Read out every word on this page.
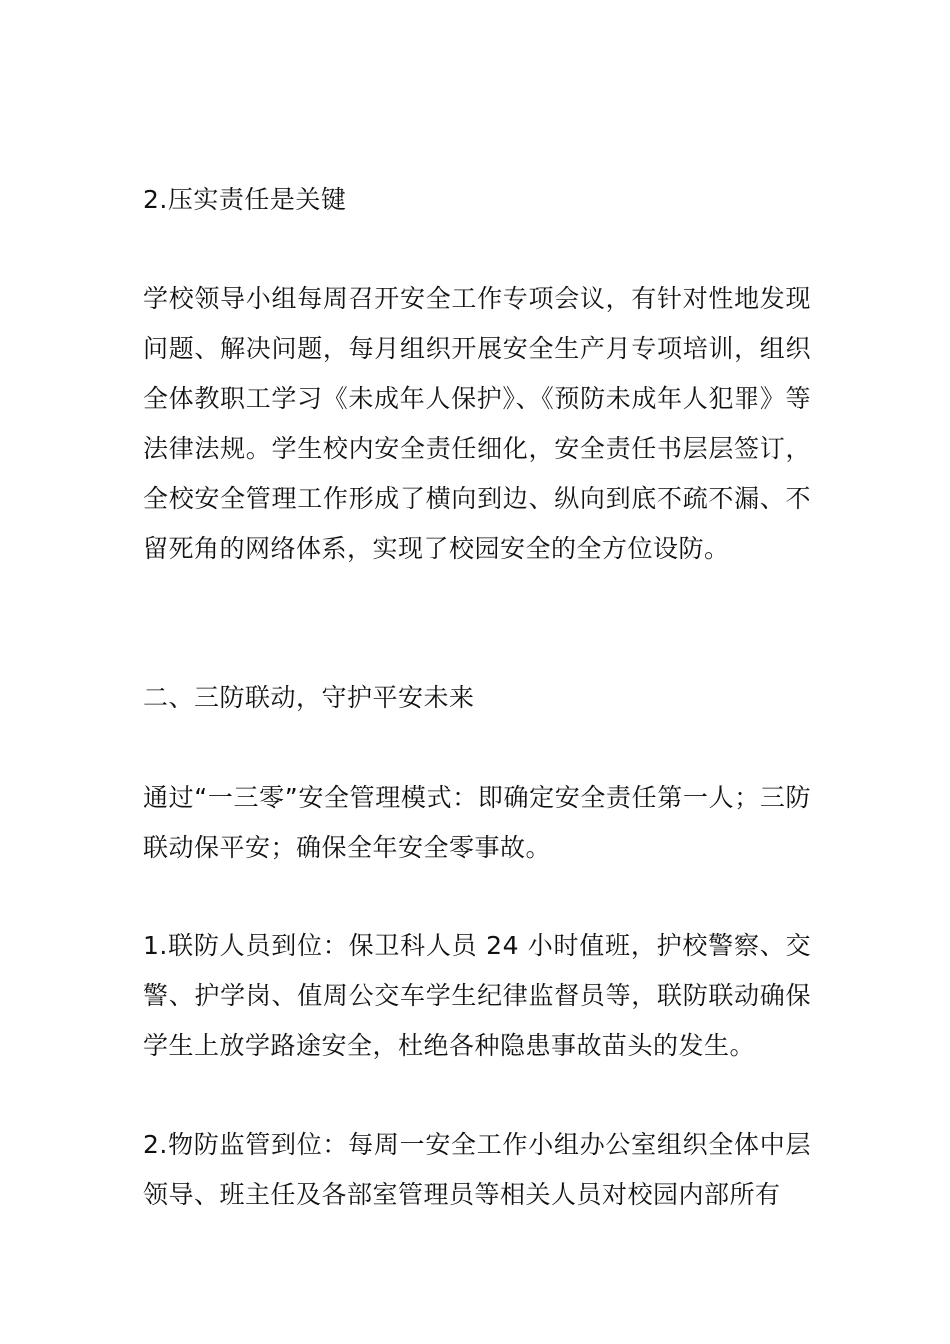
2.压实责任是关键

学校领导小组每周召开安全工作专项会议，有针对性地发现问题、解决问题，每月组织开展安全生产月专项培训，组织全体教职工学习《未成年人保护》、《预防未成年人犯罪》等法律法规。学生校内安全责任细化，安全责任书层层签订，全校安全管理工作形成了横向到边、纵向到底不疏不漏、不留死角的网络体系，实现了校园安全的全方位设防。

二、三防联动，守护平安未来

通过“一三零”安全管理模式：即确定安全责任第一人；三防联动保平安；确保全年安全零事故。

1.联防人员到位：保卫科人员 24 小时值班，护校警察、交警、护学岗、值周公交车学生纪律监督员等，联防联动确保学生上放学路途安全，杜绝各种隐患事故苗头的发生。

2.物防监管到位：每周一安全工作小组办公室组织全体中层领导、班主任及各部室管理员等相关人员对校园内部所有
